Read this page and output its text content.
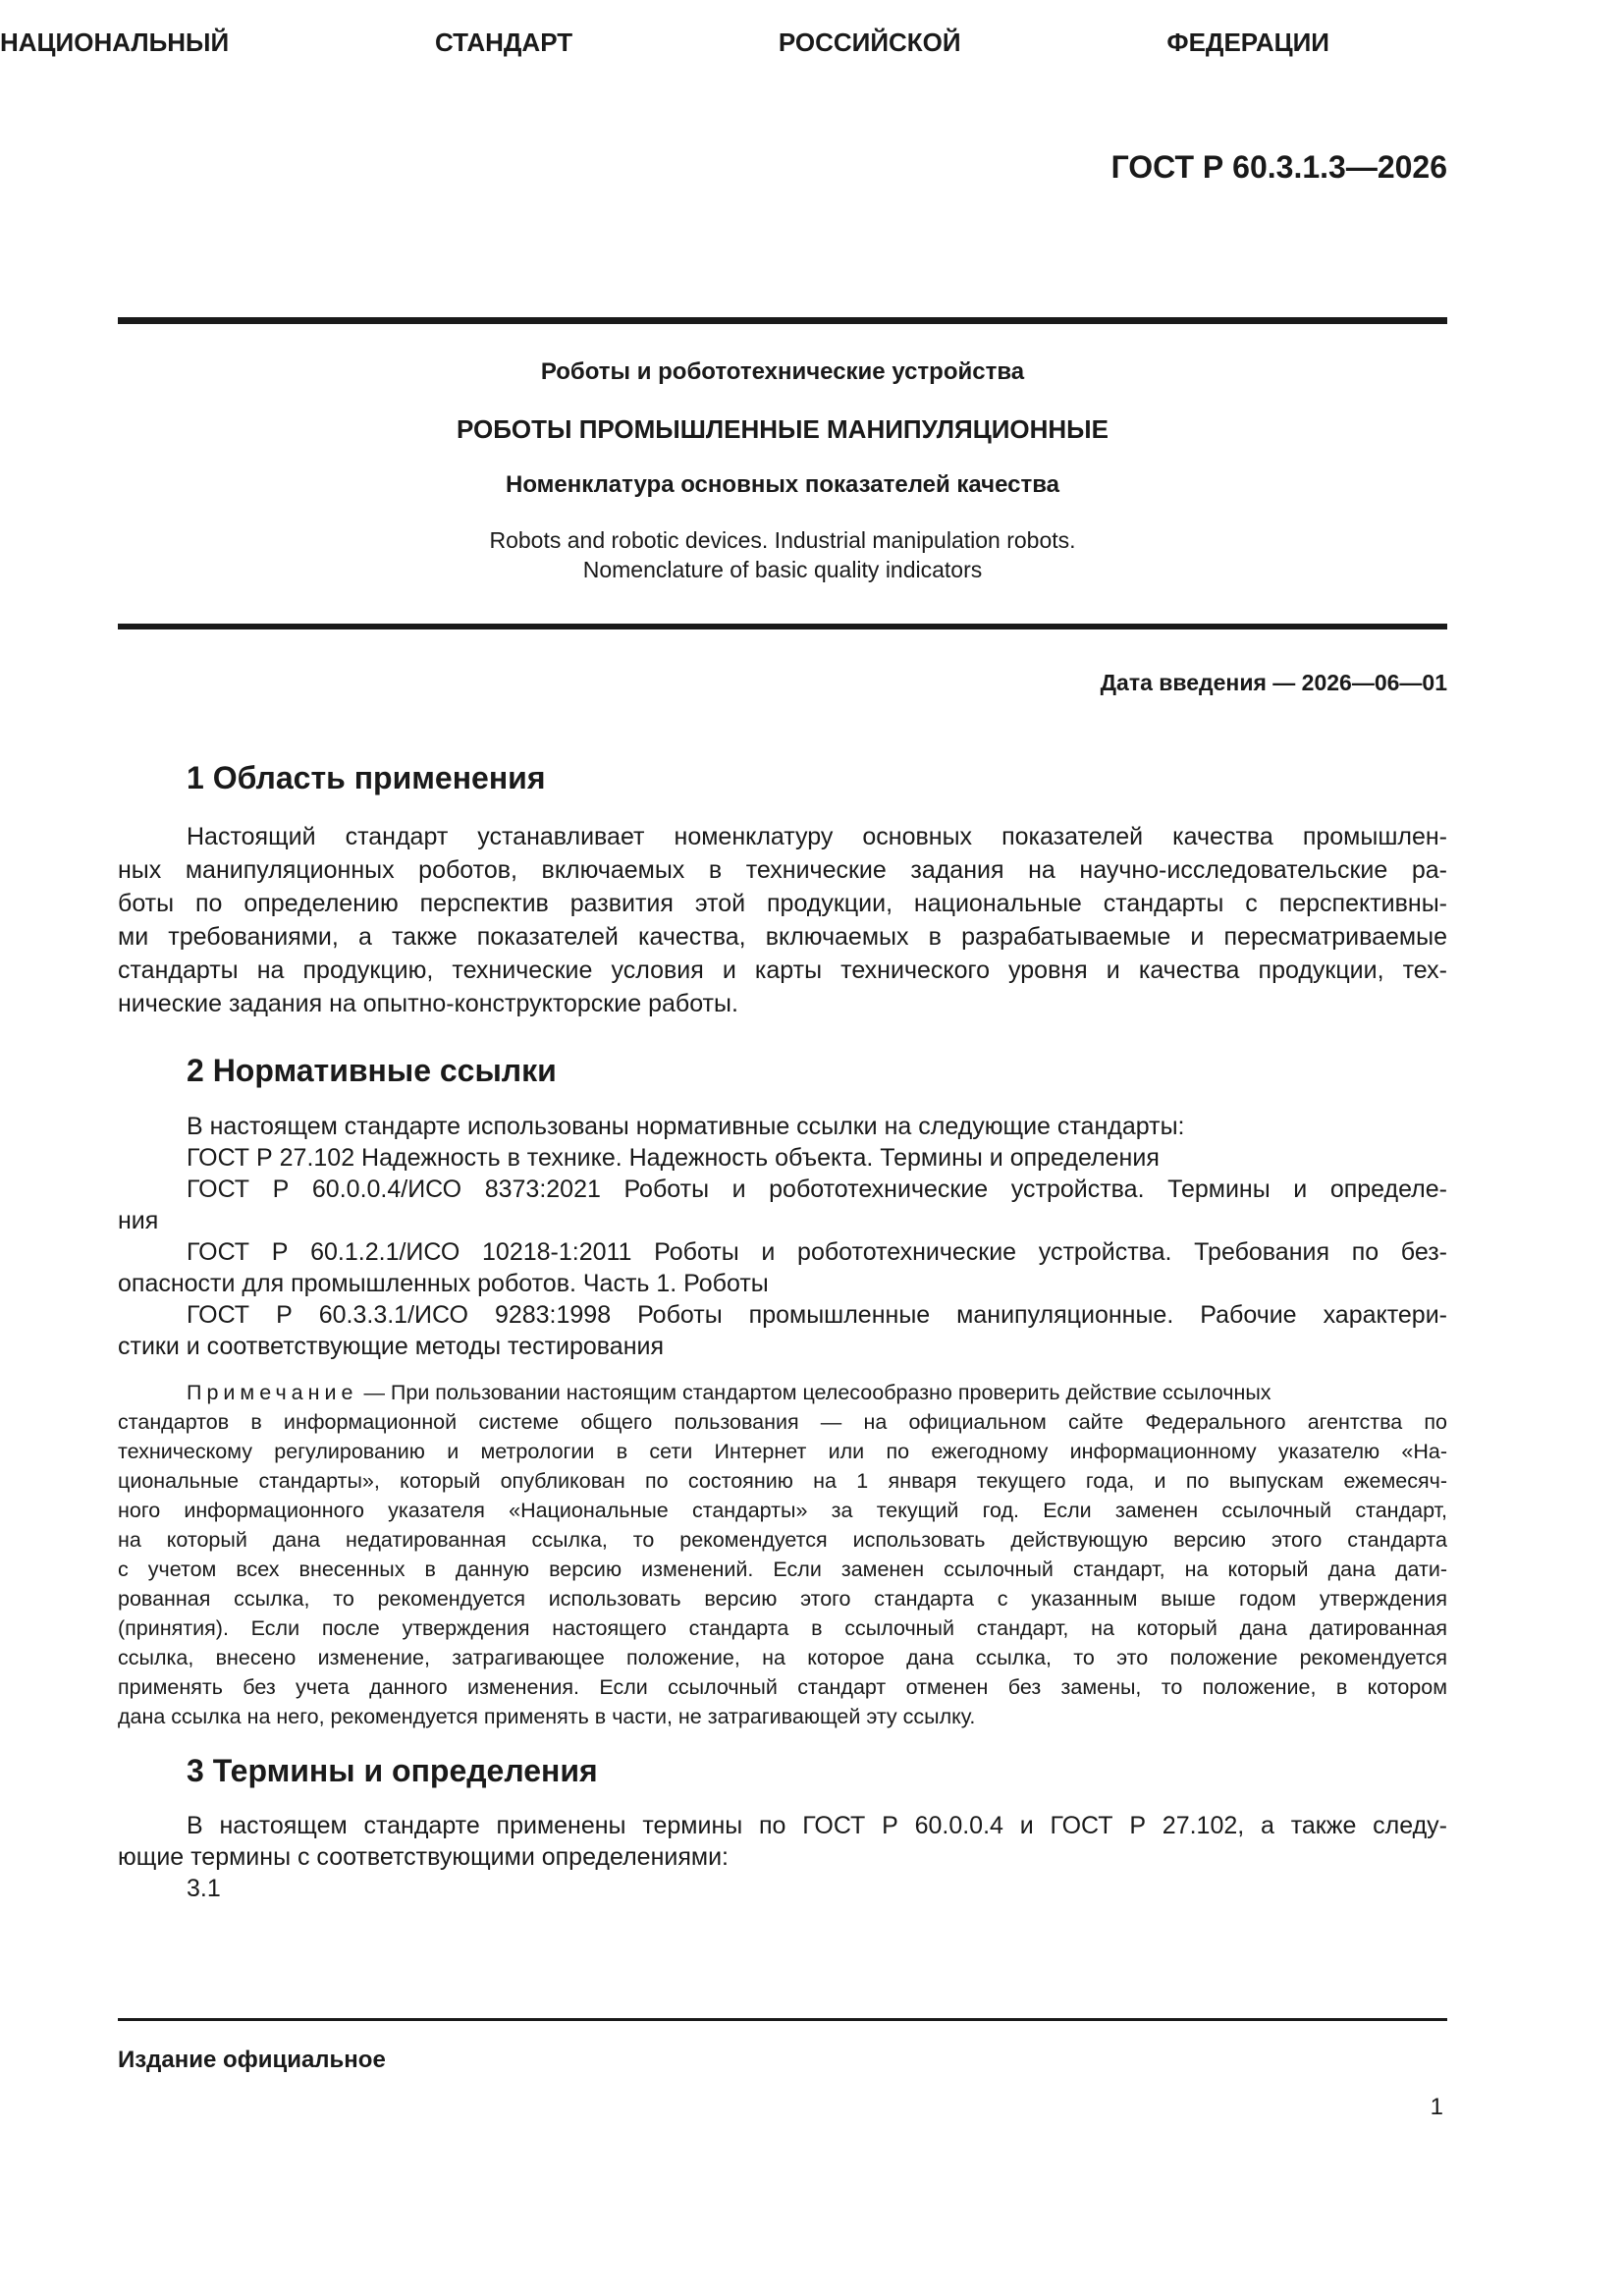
ГОСТ Р 60.3.1.3—2026

НАЦИОНАЛЬНЫЙ СТАНДАРТ РОССИЙСКОЙ ФЕДЕРАЦИИ

Роботы и робототехнические устройства

РОБОТЫ ПРОМЫШЛЕННЫЕ МАНИПУЛЯЦИОННЫЕ

Номенклатура основных показателей качества

Robots and robotic devices. Industrial manipulation robots.

Nomenclature of basic quality indicators

Дата введения — 2026—06—01

1 Область применения

Настоящий стандарт устанавливает номенклатуру основных показателей качества промышлен-

ных манипуляционных роботов, включаемых в технические задания на научно-исследовательские ра-

боты по определению перспектив развития этой продукции, национальные стандарты с перспективны-

ми требованиями, а также показателей качества, включаемых в разрабатываемые и пересматриваемые

стандарты на продукцию, технические условия и карты технического уровня и качества продукции, тех-

нические задания на опытно-конструкторские работы.

2 Нормативные ссылки

В настоящем стандарте использованы нормативные ссылки на следующие стандарты:

ГОСТ Р 27.102 Надежность в технике. Надежность объекта. Термины и определения

ГОСТ Р 60.0.0.4/ИСО 8373:2021 Роботы и робототехнические устройства. Термины и определе-

ния

ГОСТ Р 60.1.2.1/ИСО 10218-1:2011 Роботы и робототехнические устройства. Требования по без-

опасности для промышленных роботов. Часть 1. Роботы

ГОСТ Р 60.3.3.1/ИСО 9283:1998 Роботы промышленные манипуляционные. Рабочие характери-

стики и соответствующие методы тестирования

Примечание — При пользовании настоящим стандартом целесообразно проверить действие ссылочных

стандартов в информационной системе общего пользования — на официальном сайте Федерального агентства по

техническому регулированию и метрологии в сети Интернет или по ежегодному информационному указателю «На-

циональные стандарты», который опубликован по состоянию на 1 января текущего года, и по выпускам ежемесяч-

ного информационного указателя «Национальные стандарты» за текущий год. Если заменен ссылочный стандарт,

на который дана недатированная ссылка, то рекомендуется использовать действующую версию этого стандарта

с учетом всех внесенных в данную версию изменений. Если заменен ссылочный стандарт, на который дана дати-

рованная ссылка, то рекомендуется использовать версию этого стандарта с указанным выше годом утверждения

(принятия). Если после утверждения настоящего стандарта в ссылочный стандарт, на который дана датированная

ссылка, внесено изменение, затрагивающее положение, на которое дана ссылка, то это положение рекомендуется

применять без учета данного изменения. Если ссылочный стандарт отменен без замены, то положение, в котором

дана ссылка на него, рекомендуется применять в части, не затрагивающей эту ссылку.

3 Термины и определения

В настоящем стандарте применены термины по ГОСТ Р 60.0.0.4 и ГОСТ Р 27.102, а также следу-

ющие термины с соответствующими определениями:

3.1

Издание официальное

1
